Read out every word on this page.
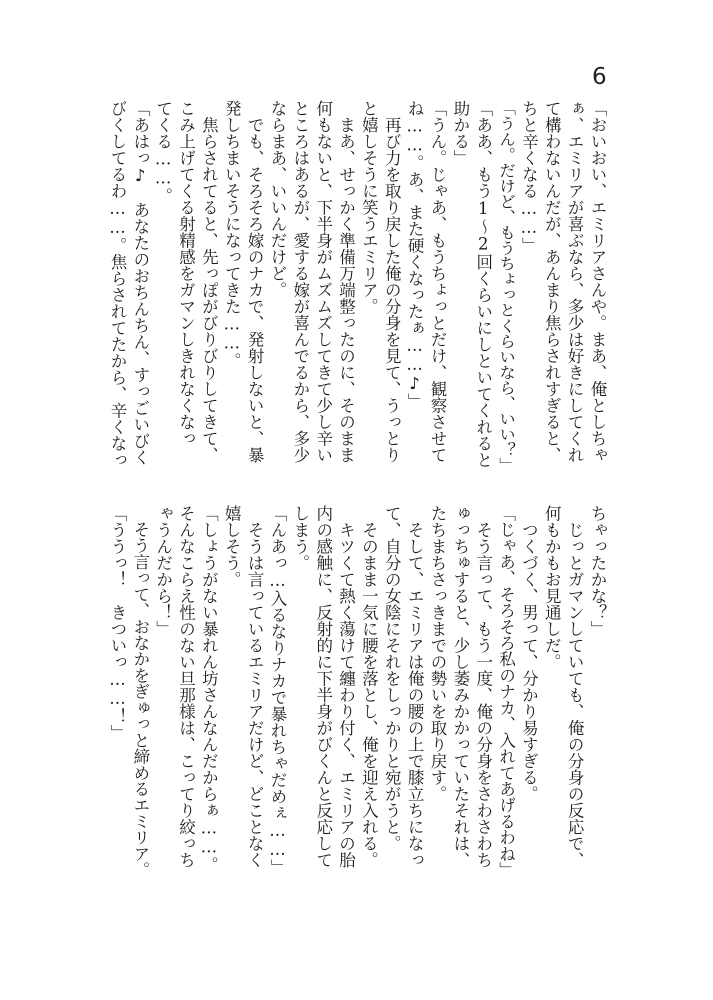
6
「おいおい、エミリアさんや。まあ、俺としちゃ
ぁ、エミリアが喜ぶなら、多少は好きにしてくれ
て構わないんだが、あんまり焦らされすぎると、
ちと辛くなる……」
「うん。だけど、もうちょっとくらいなら、いい？」
「ああ、もう1～2回くらいにしといてくれると
助かる」
「うん。じゃあ、もうちょっとだけ、観察させて
ね……。あ、また硬くなったぁ……♪」
　再び力を取り戻した俺の分身を見て、うっとり
と嬉しそうに笑うエミリア。
　まあ、せっかく準備万端整ったのに、そのまま
何もないと、下半身がムズムズしてきて少し辛い
ところはあるが、愛する嫁が喜んでるから、多少
ならまあ、いいんだけど。
　でも、そろそろ嫁のナカで、発射しないと、暴
発しちまいそうになってきた……。
　焦らされてると、先っぽがびりびりしてきて、
こみ上げてくる射精感をガマンしきれなくなっ
てくる……。
「あはっ♪　あなたのおちんちん、すっごいびく
びくしてるわ……。焦らされてたから、辛くなっ
ちゃったかな？」
　じっとガマンしていても、俺の分身の反応で、
何もかもお見通しだ。
　つくづく、男って、分かり易すぎる。
「じゃあ、そろそろ私のナカ、入れてあげるわね」
　そう言って、もう一度、俺の分身をさわさわち
ゅっちゅすると、少し萎みかかっていたそれは、
たちまちさっきまでの勢いを取り戻す。
　そして、エミリアは俺の腰の上で膝立ちになっ
て、自分の女陰にそれをしっかりと宛がうと。
　そのまま一気に腰を落とし、俺を迎え入れる。
　キツくて熱く蕩けて纏わり付く、エミリアの胎
内の感触に、反射的に下半身がびくんと反応して
しまう。
「んあっ…入るなりナカで暴れちゃだめぇ……」
　そうは言っているエミリアだけど、どことなく
嬉しそう。
「しょうがない暴れん坊さんなんだからぁ……。
そんなこらえ性のない旦那様は、こってり絞っち
ゃうんだから！」
　そう言って、おなかをぎゅっと締めるエミリア。
「ううっ！　きついっ……！」
